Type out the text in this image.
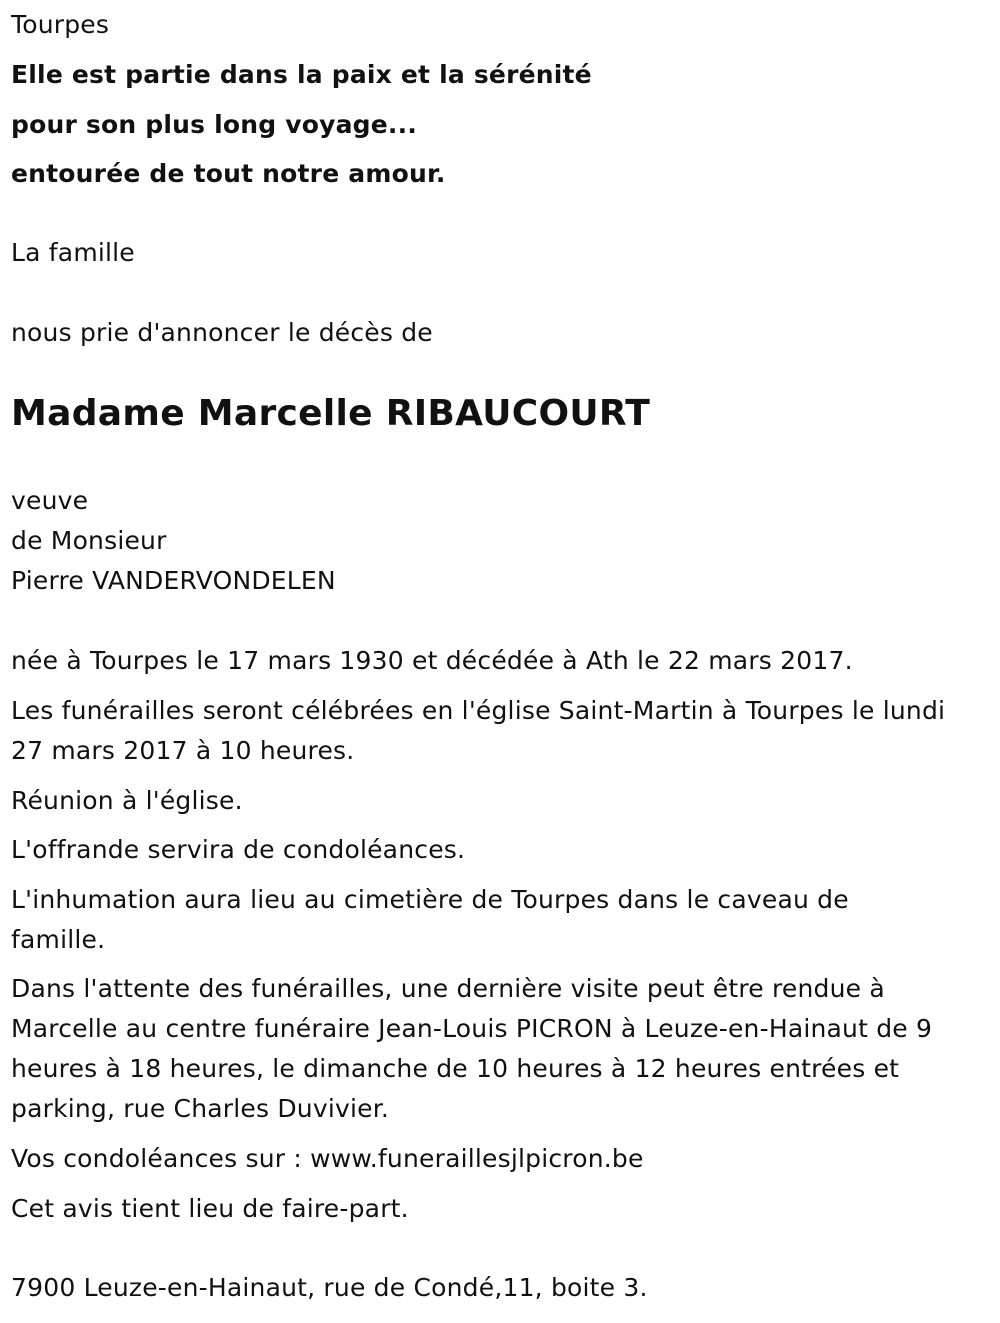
Tourpes
Elle est partie dans la paix et la sérénité
pour son plus long voyage...
entourée de tout notre amour.
La famille
nous prie d'annoncer le décès de
Madame Marcelle RIBAUCOURT
veuve
de Monsieur
Pierre VANDERVONDELEN
née à Tourpes le 17 mars 1930 et décédée à Ath le 22 mars 2017.
Les funérailles seront célébrées en l'église Saint-Martin à Tourpes le lundi
27 mars 2017 à 10 heures.
Réunion à l'église.
L'offrande servira de condoléances.
L'inhumation aura lieu au cimetière de Tourpes dans le caveau de
famille.
Dans l'attente des funérailles, une dernière visite peut être rendue à
Marcelle au centre funéraire Jean-Louis PICRON à Leuze-en-Hainaut de 9
heures à 18 heures, le dimanche de 10 heures à 12 heures entrées et
parking, rue Charles Duvivier.
Vos condoléances sur : www.funeraillesjlpicron.be
Cet avis tient lieu de faire-part.
7900 Leuze-en-Hainaut, rue de Condé,11, boite 3.
